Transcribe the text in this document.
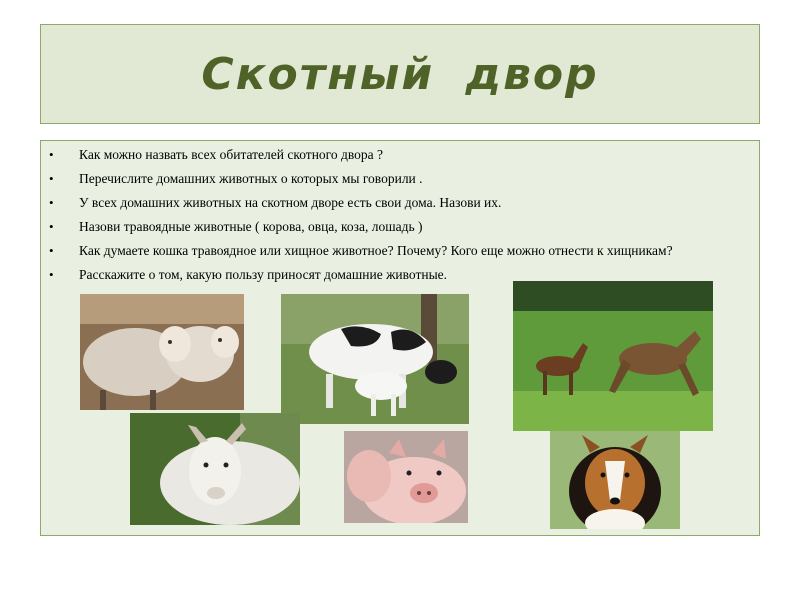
Скотный двор
• Как можно назвать всех обитателей скотного двора ?
• Перечислите домашних животных о которых мы говорили .
• У всех домашних животных на скотном дворе есть свои дома. Назови их.
• Назови травоядные животные ( корова, овца, коза, лошадь )
• Как думаете кошка травоядное или хищное животное? Почему? Кого еще можно отнести к хищникам?
• Расскажите о том, какую пользу приносят домашние животные.
